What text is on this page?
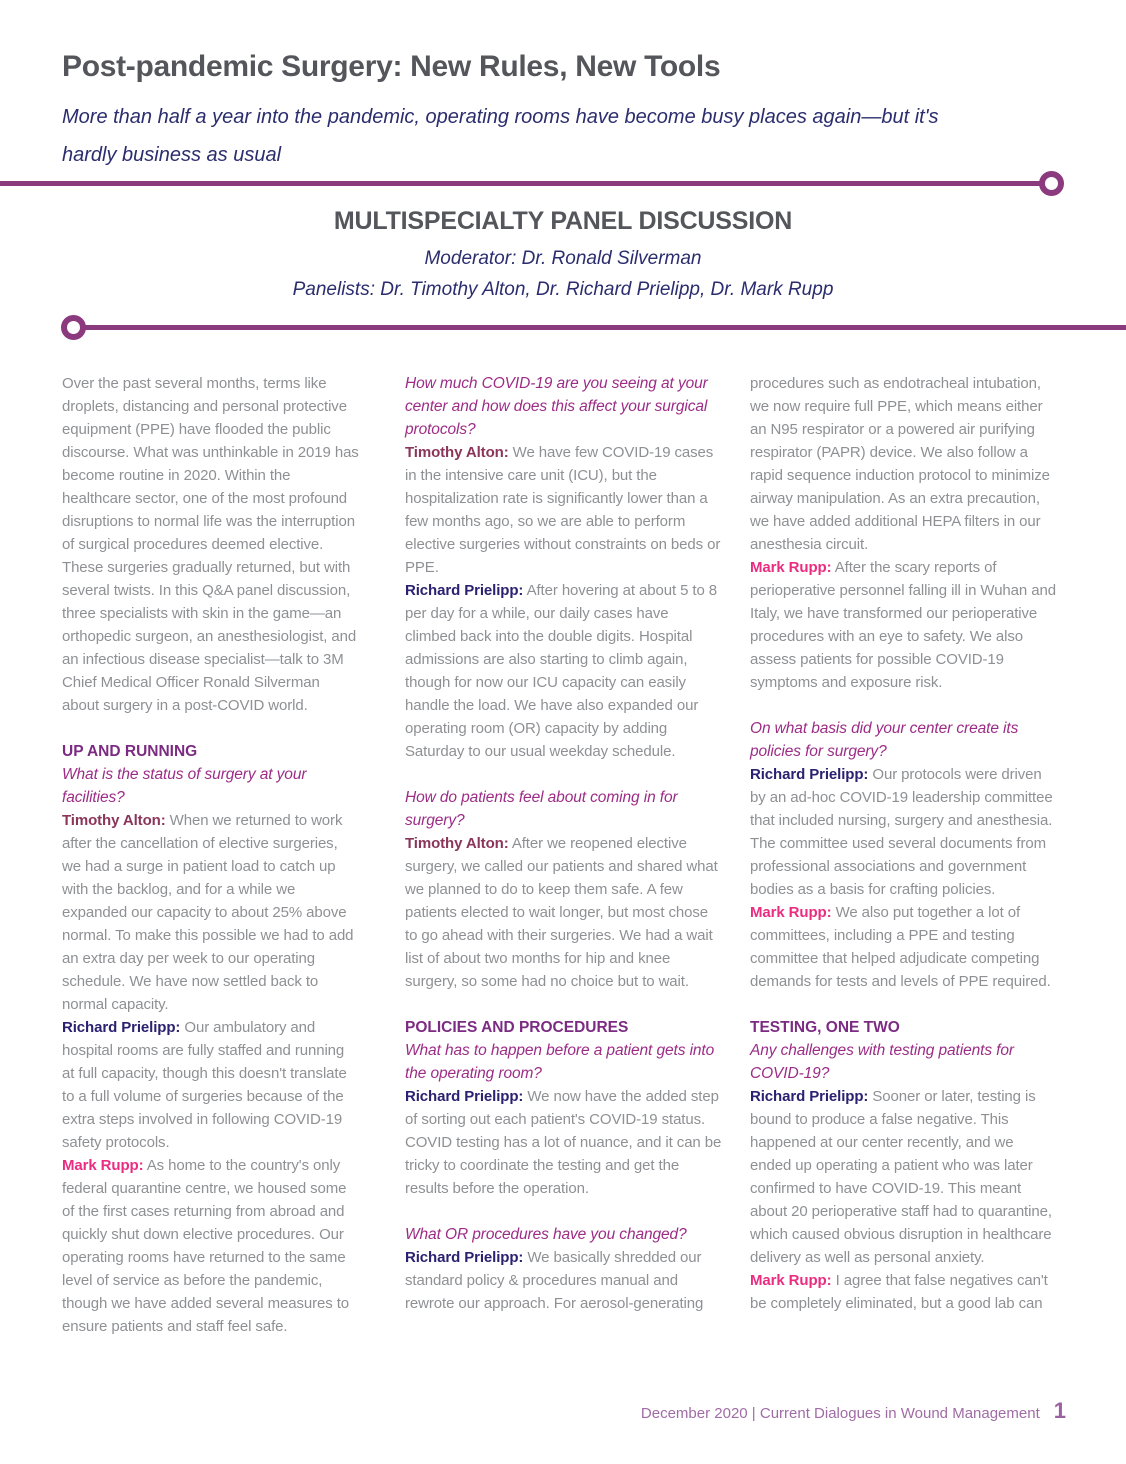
Post-pandemic Surgery: New Rules, New Tools

More than half a year into the pandemic, operating rooms have become busy places again—but it's hardly business as usual

MULTISPECIALTY PANEL DISCUSSION

Moderator: Dr. Ronald Silverman

Panelists: Dr. Timothy Alton, Dr. Richard Prielipp, Dr. Mark Rupp

Over the past several months, terms like droplets, distancing and personal protective equipment (PPE) have flooded the public discourse. What was unthinkable in 2019 has become routine in 2020. Within the healthcare sector, one of the most profound disruptions to normal life was the interruption of surgical procedures deemed elective. These surgeries gradually returned, but with several twists. In this Q&A panel discussion, three specialists with skin in the game—an orthopedic surgeon, an anesthesiologist, and an infectious disease specialist—talk to 3M Chief Medical Officer Ronald Silverman about surgery in a post-COVID world.

UP AND RUNNING
What is the status of surgery at your facilities?

Timothy Alton: When we returned to work after the cancellation of elective surgeries, we had a surge in patient load to catch up with the backlog, and for a while we expanded our capacity to about 25% above normal. To make this possible we had to add an extra day per week to our operating schedule. We have now settled back to normal capacity.

Richard Prielipp: Our ambulatory and hospital rooms are fully staffed and running at full capacity, though this doesn't translate to a full volume of surgeries because of the extra steps involved in following COVID-19 safety protocols.

Mark Rupp: As home to the country's only federal quarantine centre, we housed some of the first cases returning from abroad and quickly shut down elective procedures. Our operating rooms have returned to the same level of service as before the pandemic, though we have added several measures to ensure patients and staff feel safe.

How much COVID-19 are you seeing at your center and how does this affect your surgical protocols?

Timothy Alton: We have few COVID-19 cases in the intensive care unit (ICU), but the hospitalization rate is significantly lower than a few months ago, so we are able to perform elective surgeries without constraints on beds or PPE.

Richard Prielipp: After hovering at about 5 to 8 per day for a while, our daily cases have climbed back into the double digits. Hospital admissions are also starting to climb again, though for now our ICU capacity can easily handle the load. We have also expanded our operating room (OR) capacity by adding Saturday to our usual weekday schedule.

How do patients feel about coming in for surgery?

Timothy Alton: After we reopened elective surgery, we called our patients and shared what we planned to do to keep them safe. A few patients elected to wait longer, but most chose to go ahead with their surgeries. We had a wait list of about two months for hip and knee surgery, so some had no choice but to wait.

POLICIES AND PROCEDURES
What has to happen before a patient gets into the operating room?

Richard Prielipp: We now have the added step of sorting out each patient's COVID-19 status. COVID testing has a lot of nuance, and it can be tricky to coordinate the testing and get the results before the operation.

What OR procedures have you changed?

Richard Prielipp: We basically shredded our standard policy & procedures manual and rewrote our approach. For aerosol-generating

procedures such as endotracheal intubation, we now require full PPE, which means either an N95 respirator or a powered air purifying respirator (PAPR) device. We also follow a rapid sequence induction protocol to minimize airway manipulation. As an extra precaution, we have added additional HEPA filters in our anesthesia circuit.

Mark Rupp: After the scary reports of perioperative personnel falling ill in Wuhan and Italy, we have transformed our perioperative procedures with an eye to safety. We also assess patients for possible COVID-19 symptoms and exposure risk.

On what basis did your center create its policies for surgery?

Richard Prielipp: Our protocols were driven by an ad-hoc COVID-19 leadership committee that included nursing, surgery and anesthesia. The committee used several documents from professional associations and government bodies as a basis for crafting policies.

Mark Rupp: We also put together a lot of committees, including a PPE and testing committee that helped adjudicate competing demands for tests and levels of PPE required.

TESTING, ONE TWO
Any challenges with testing patients for COVID-19?

Richard Prielipp: Sooner or later, testing is bound to produce a false negative. This happened at our center recently, and we ended up operating a patient who was later confirmed to have COVID-19. This meant about 20 perioperative staff had to quarantine, which caused obvious disruption in healthcare delivery as well as personal anxiety.

Mark Rupp: I agree that false negatives can't be completely eliminated, but a good lab can

December 2020 | Current Dialogues in Wound Management 1
